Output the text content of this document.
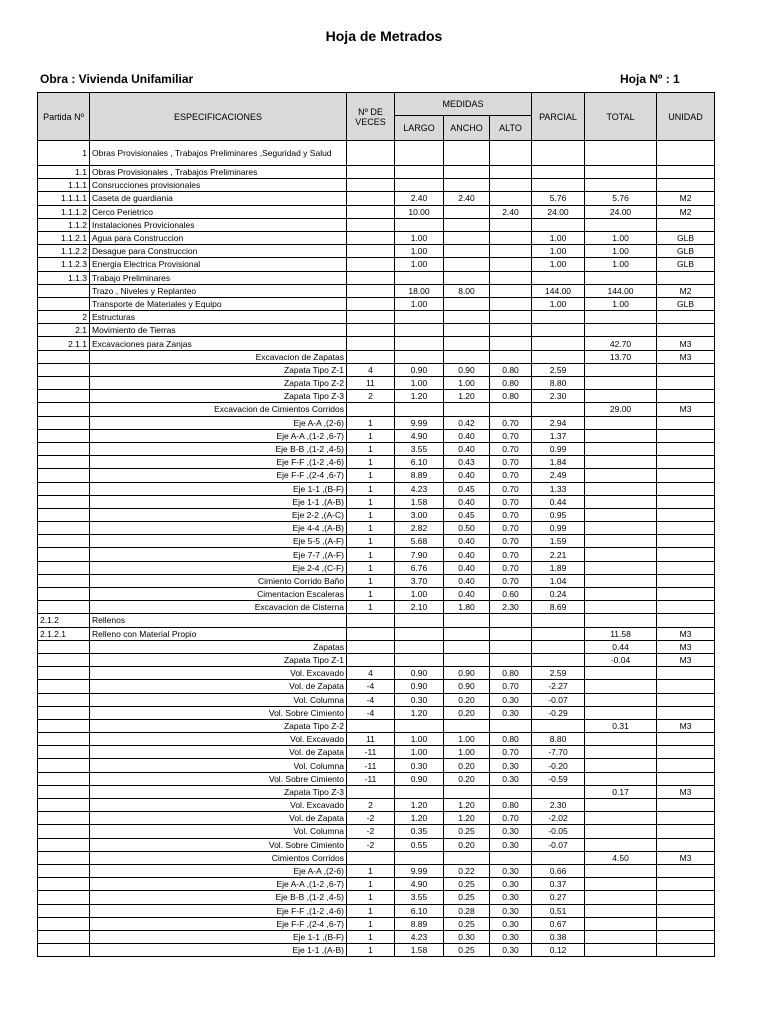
Hoja de Metrados
Obra : Vivienda Unifamiliar	Hoja Nº : 1
Partida Nº	ESPECIFICACIONES	Nº DE VECES	MEDIDAS			PARCIAL	TOTAL	UNIDAD
			LARGO	ANCHO	ALTO			
1	Obras Provisionales , Trabajos Preliminares ,Seguridad y Salud							
1.1	Obras Provisionales , Trabajos Preliminares							
1.1.1	Consrucciones provisionales							
1.1.1.1	Caseta de guardiania		2.40	2.40		5.76	5.76	M2
1.1.1.2	Cerco Perietrico		10.00		2.40	24.00	24.00	M2
1.1.2	Instalaciones Provicionales							
1.1.2.1	Agua para Construccion		1.00			1.00	1.00	GLB
1.1.2.2	Desague para Construccion		1.00			1.00	1.00	GLB
1.1.2.3	Energia Electrica Provisional		1.00			1.00	1.00	GLB
1.1.3	Trabajo Preliminares							
	Trazo , Niveles y Replanteo		18.00	8.00		144.00	144.00	M2
	Transporte de Materiales y Equipo		1.00			1.00	1.00	GLB
2	Estructuras							
2.1	Movimiento de Tierras							
2.1.1	Excavaciones para Zanjas						42.70	M3
	Excavacion de Zapatas						13.70	M3
	Zapata Tipo Z-1	4	0.90	0.90	0.80	2.59		
	Zapata Tipo Z-2	11	1.00	1.00	0.80	8.80		
	Zapata Tipo Z-3	2	1.20	1.20	0.80	2.30		
	Excavacion de Cimientos Corridos						29.00	M3
	Eje A-A ,(2-6)	1	9.99	0.42	0.70	2.94		
	Eje A-A ,(1-2 ,6-7)	1	4.90	0.40	0.70	1.37		
	Eje B-B ,(1-2 ,4-5)	1	3.55	0.40	0.70	0.99		
	Eje F-F ,(1-2 ,4-6)	1	6.10	0.43	0.70	1.84		
	Eje F-F ,(2-4 ,6-7)	1	8.89	0.40	0.70	2.49		
	Eje 1-1 ,(B-F)	1	4.23	0.45	0.70	1.33		
	Eje 1-1 ,(A-B)	1	1.58	0.40	0.70	0.44		
	Eje 2-2 ,(A-C)	1	3.00	0.45	0.70	0.95		
	Eje 4-4 ,(A-B)	1	2.82	0.50	0.70	0.99		
	Eje 5-5 ,(A-F)	1	5.68	0.40	0.70	1.59		
	Eje 7-7 ,(A-F)	1	7.90	0.40	0.70	2.21		
	Eje 2-4 ,(C-F)	1	6.76	0.40	0.70	1.89		
	Cimiento Corrido Baño	1	3.70	0.40	0.70	1.04		
	Cimentacion Escaleras	1	1.00	0.40	0.60	0.24		
	Excavacion de Cisterna	1	2.10	1.80	2.30	8.69		
2.1.2	Rellenos							
2.1.2.1	Relleno con Material Propio						11.58	M3
	Zapatas						0.44	M3
	Zapata Tipo Z-1						-0.04	M3
	Vol. Excavado	4	0.90	0.90	0.80	2.59		
	Vol. de Zapata	-4	0.90	0.90	0.70	-2.27		
	Vol. Columna	-4	0.30	0.20	0.30	-0.07		
	Vol. Sobre Cimiento	-4	1.20	0.20	0.30	-0.29		
	Zapata Tipo Z-2						0.31	M3
	Vol. Excavado	11	1.00	1.00	0.80	8.80		
	Vol. de Zapata	-11	1.00	1.00	0.70	-7.70		
	Vol. Columna	-11	0.30	0.20	0.30	-0.20		
	Vol. Sobre Cimiento	-11	0.90	0.20	0.30	-0.59		
	Zapata Tipo Z-3						0.17	M3
	Vol. Excavado	2	1.20	1.20	0.80	2.30		
	Vol. de Zapata	-2	1.20	1.20	0.70	-2.02		
	Vol. Columna	-2	0.35	0.25	0.30	-0.05		
	Vol. Sobre Cimiento	-2	0.55	0.20	0.30	-0.07		
	Cimientos Corridos						4.50	M3
	Eje A-A ,(2-6)	1	9.99	0.22	0.30	0.66		
	Eje A-A ,(1-2 ,6-7)	1	4.90	0.25	0.30	0.37		
	Eje B-B ,(1-2 ,4-5)	1	3.55	0.25	0.30	0.27		
	Eje F-F ,(1-2 ,4-6)	1	6.10	0.28	0.30	0.51		
	Eje F-F ,(2-4 ,6-7)	1	8.89	0.25	0.30	0.67		
	Eje 1-1 ,(B-F)	1	4.23	0.30	0.30	0.38		
	Eje 1-1 ,(A-B)	1	1.58	0.25	0.30	0.12		
